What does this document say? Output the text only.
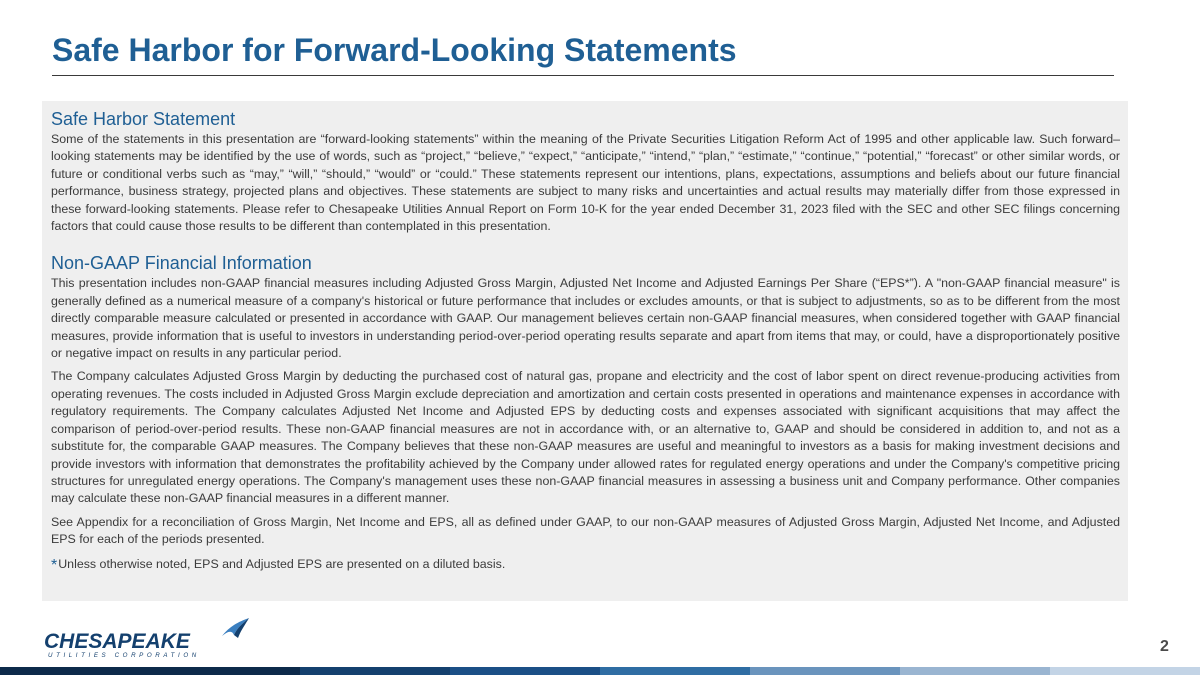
Safe Harbor for Forward-Looking Statements
Safe Harbor Statement

Some of the statements in this presentation are “forward-looking statements” within the meaning of the Private Securities Litigation Reform Act of 1995 and other applicable law. Such forward–looking statements may be identified by the use of words, such as “project,” “believe,” “expect,” “anticipate,” “intend,” “plan,” “estimate,” “continue,” “potential,” “forecast” or other similar words, or future or conditional verbs such as “may,” “will,” “should,” “would” or “could.” These statements represent our intentions, plans, expectations, assumptions and beliefs about our future financial performance, business strategy, projected plans and objectives. These statements are subject to many risks and uncertainties and actual results may materially differ from those expressed in these forward-looking statements. Please refer to Chesapeake Utilities Annual Report on Form 10-K for the year ended December 31, 2023 filed with the SEC and other SEC filings concerning factors that could cause those results to be different than contemplated in this presentation.

Non-GAAP Financial Information

This presentation includes non-GAAP financial measures including Adjusted Gross Margin, Adjusted Net Income and Adjusted Earnings Per Share (“EPS*”). A "non-GAAP financial measure" is generally defined as a numerical measure of a company's historical or future performance that includes or excludes amounts, or that is subject to adjustments, so as to be different from the most directly comparable measure calculated or presented in accordance with GAAP. Our management believes certain non-GAAP financial measures, when considered together with GAAP financial measures, provide information that is useful to investors in understanding period-over-period operating results separate and apart from items that may, or could, have a disproportionately positive or negative impact on results in any particular period.

The Company calculates Adjusted Gross Margin by deducting the purchased cost of natural gas, propane and electricity and the cost of labor spent on direct revenue-producing activities from operating revenues. The costs included in Adjusted Gross Margin exclude depreciation and amortization and certain costs presented in operations and maintenance expenses in accordance with regulatory requirements. The Company calculates Adjusted Net Income and Adjusted EPS by deducting costs and expenses associated with significant acquisitions that may affect the comparison of period-over-period results. These non-GAAP financial measures are not in accordance with, or an alternative to, GAAP and should be considered in addition to, and not as a substitute for, the comparable GAAP measures. The Company believes that these non-GAAP measures are useful and meaningful to investors as a basis for making investment decisions and provide investors with information that demonstrates the profitability achieved by the Company under allowed rates for regulated energy operations and under the Company's competitive pricing structures for unregulated energy operations. The Company's management uses these non-GAAP financial measures in assessing a business unit and Company performance. Other companies may calculate these non-GAAP financial measures in a different manner.

See Appendix for a reconciliation of Gross Margin, Net Income and EPS, all as defined under GAAP, to our non-GAAP measures of Adjusted Gross Margin, Adjusted Net Income, and Adjusted EPS for each of the periods presented.

*Unless otherwise noted, EPS and Adjusted EPS are presented on a diluted basis.

CHESAPEAKE
UTILITIES CORPORATION
2
